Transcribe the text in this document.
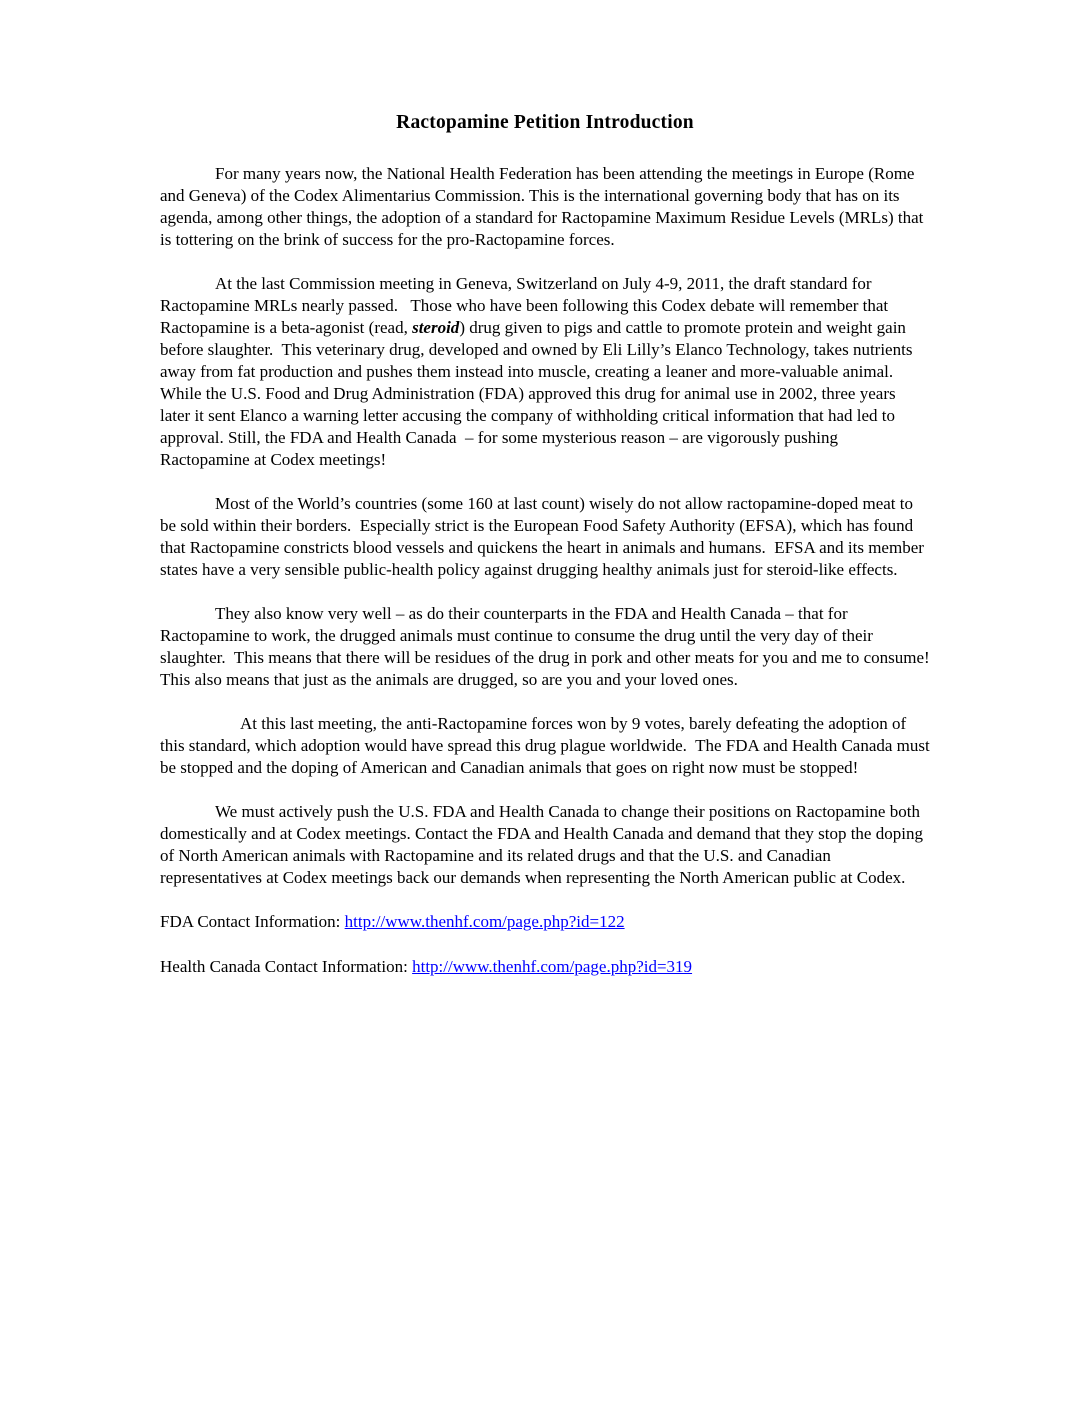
Ractopamine Petition Introduction

For many years now, the National Health Federation has been attending the meetings in Europe (Rome and Geneva) of the Codex Alimentarius Commission. This is the international governing body that has on its agenda, among other things, the adoption of a standard for Ractopamine Maximum Residue Levels (MRLs) that is tottering on the brink of success for the pro-Ractopamine forces.

At the last Commission meeting in Geneva, Switzerland on July 4-9, 2011, the draft standard for Ractopamine MRLs nearly passed.   Those who have been following this Codex debate will remember that Ractopamine is a beta-agonist (read, steroid) drug given to pigs and cattle to promote protein and weight gain before slaughter.  This veterinary drug, developed and owned by Eli Lilly’s Elanco Technology, takes nutrients away from fat production and pushes them instead into muscle, creating a leaner and more-valuable animal.  While the U.S. Food and Drug Administration (FDA) approved this drug for animal use in 2002, three years later it sent Elanco a warning letter accusing the company of withholding critical information that had led to approval. Still, the FDA and Health Canada  – for some mysterious reason – are vigorously pushing Ractopamine at Codex meetings!

Most of the World’s countries (some 160 at last count) wisely do not allow ractopamine-doped meat to be sold within their borders.  Especially strict is the European Food Safety Authority (EFSA), which has found that Ractopamine constricts blood vessels and quickens the heart in animals and humans.  EFSA and its member states have a very sensible public-health policy against drugging healthy animals just for steroid-like effects.

They also know very well – as do their counterparts in the FDA and Health Canada – that for Ractopamine to work, the drugged animals must continue to consume the drug until the very day of their slaughter.  This means that there will be residues of the drug in pork and other meats for you and me to consume!  This also means that just as the animals are drugged, so are you and your loved ones.

At this last meeting, the anti-Ractopamine forces won by 9 votes, barely defeating the adoption of this standard, which adoption would have spread this drug plague worldwide.  The FDA and Health Canada must be stopped and the doping of American and Canadian animals that goes on right now must be stopped!

We must actively push the U.S. FDA and Health Canada to change their positions on Ractopamine both domestically and at Codex meetings. Contact the FDA and Health Canada and demand that they stop the doping of North American animals with Ractopamine and its related drugs and that the U.S. and Canadian representatives at Codex meetings back our demands when representing the North American public at Codex.

FDA Contact Information: http://www.thenhf.com/page.php?id=122

Health Canada Contact Information: http://www.thenhf.com/page.php?id=319
